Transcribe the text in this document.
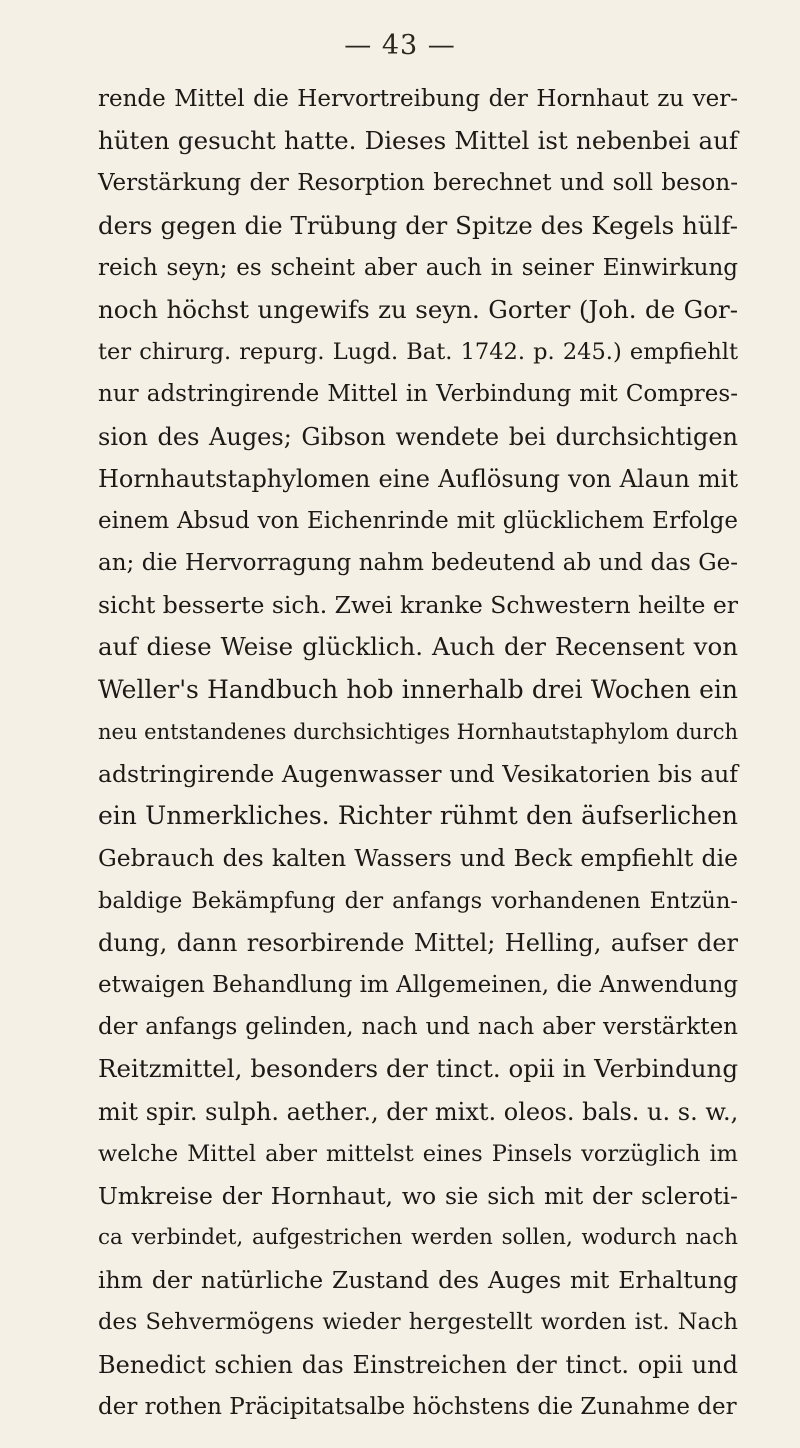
— 43 —
rende Mittel die Hervortreibung der Hornhaut zu ver-
hüten gesucht hatte. Dieses Mittel ist nebenbei auf
Verstärkung der Resorption berechnet und soll beson-
ders gegen die Trübung der Spitze des Kegels hülf-
reich seyn; es scheint aber auch in seiner Einwirkung
noch höchst ungewifs zu seyn. Gorter (Joh. de Gor-
ter chirurg. repurg. Lugd. Bat. 1742. p. 245.) empfiehlt
nur adstringirende Mittel in Verbindung mit Compres-
sion des Auges; Gibson wendete bei durchsichtigen
Hornhautstaphylomen eine Auflösung von Alaun mit
einem Absud von Eichenrinde mit glücklichem Erfolge
an; die Hervorragung nahm bedeutend ab und das Ge-
sicht besserte sich. Zwei kranke Schwestern heilte er
auf diese Weise glücklich. Auch der Recensent von
Weller's Handbuch hob innerhalb drei Wochen ein
neu entstandenes durchsichtiges Hornhautstaphylom durch
adstringirende Augenwasser und Vesikatorien bis auf
ein Unmerkliches. Richter rühmt den äufserlichen
Gebrauch des kalten Wassers und Beck empfiehlt die
baldige Bekämpfung der anfangs vorhandenen Entzün-
dung, dann resorbirende Mittel; Helling, aufser der
etwaigen Behandlung im Allgemeinen, die Anwendung
der anfangs gelinden, nach und nach aber verstärkten
Reitzmittel, besonders der tinct. opii in Verbindung
mit spir. sulph. aether., der mixt. oleos. bals. u. s. w.,
welche Mittel aber mittelst eines Pinsels vorzüglich im
Umkreise der Hornhaut, wo sie sich mit der scleroti-
ca verbindet, aufgestrichen werden sollen, wodurch nach
ihm der natürliche Zustand des Auges mit Erhaltung
des Sehvermögens wieder hergestellt worden ist. Nach
Benedict schien das Einstreichen der tinct. opii und
der rothen Präcipitatsalbe höchstens die Zunahme der
